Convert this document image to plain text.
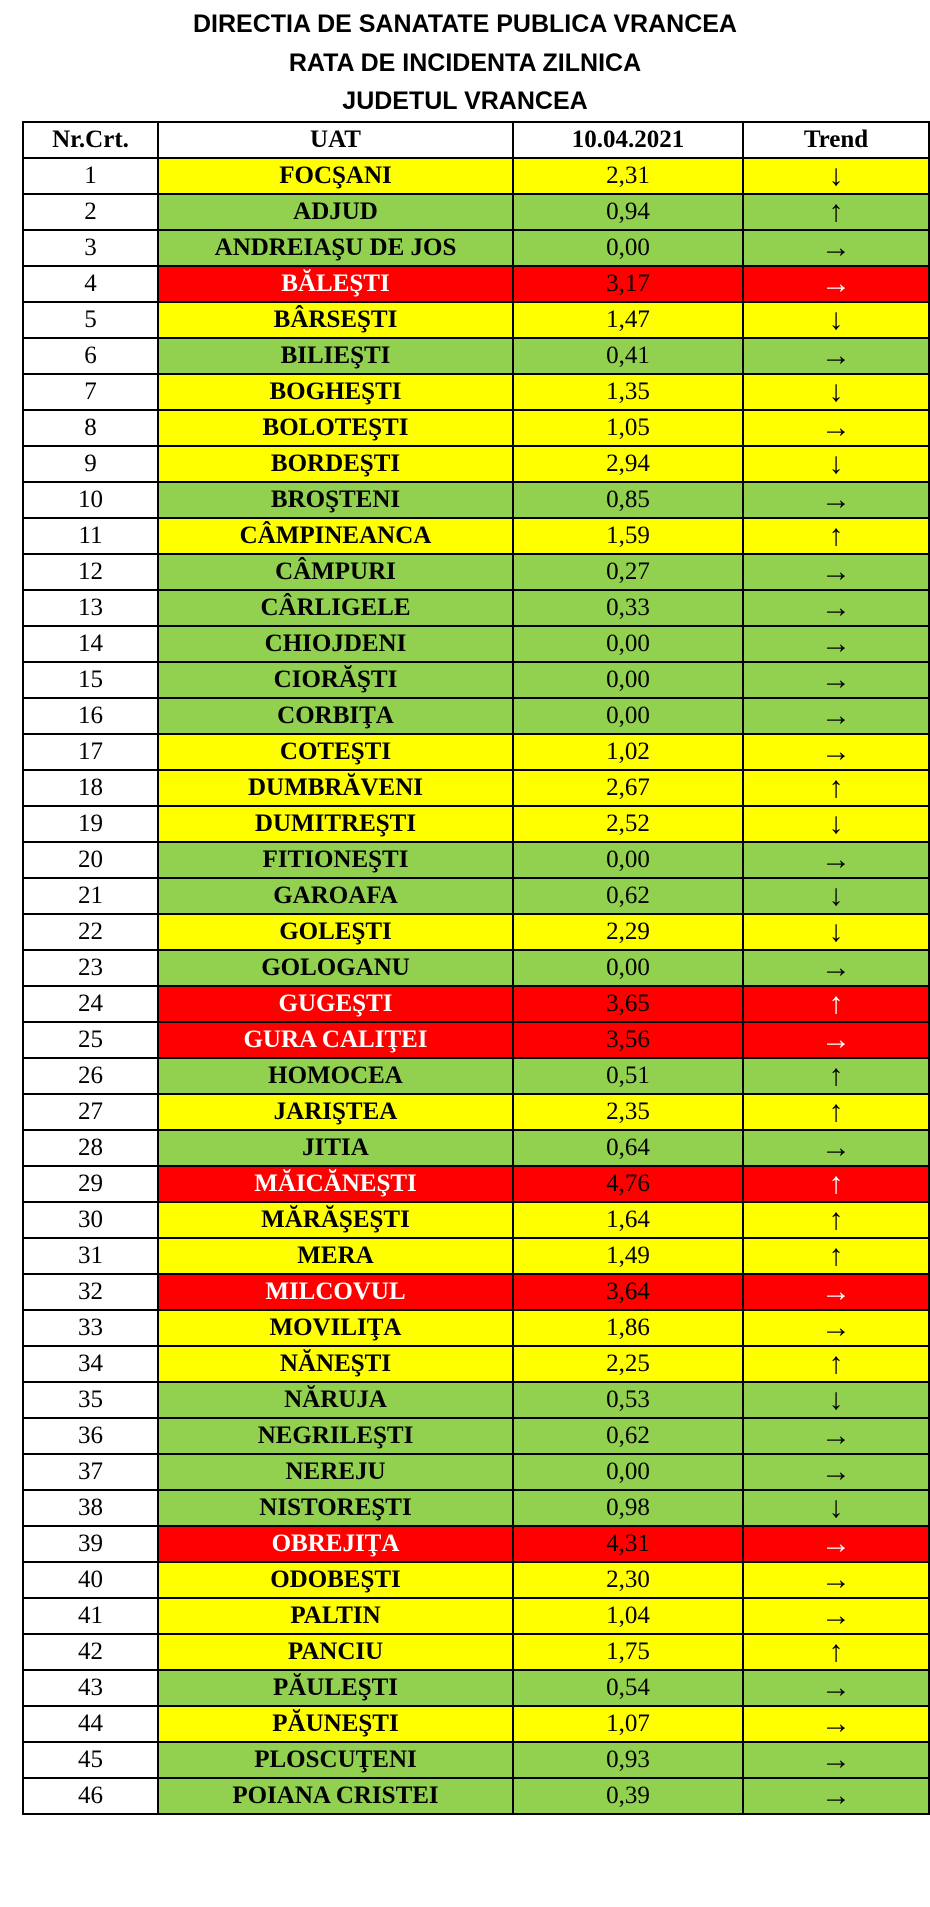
DIRECTIA DE SANATATE PUBLICA VRANCEA
RATA DE INCIDENTA ZILNICA
JUDETUL VRANCEA
Nr.Crt.	UAT	10.04.2021	Trend
1	FOCŞANI	2,31	↓
2	ADJUD	0,94	↑
3	ANDREIAŞU DE JOS	0,00	→
4	BĂLEŞTI	3,17	→
5	BÂRSEŞTI	1,47	↓
6	BILIEŞTI	0,41	→
7	BOGHEŞTI	1,35	↓
8	BOLOTEŞTI	1,05	→
9	BORDEŞTI	2,94	↓
10	BROŞTENI	0,85	→
11	CÂMPINEANCA	1,59	↑
12	CÂMPURI	0,27	→
13	CÂRLIGELE	0,33	→
14	CHIOJDENI	0,00	→
15	CIORĂŞTI	0,00	→
16	CORBIŢA	0,00	→
17	COTEŞTI	1,02	→
18	DUMBRĂVENI	2,67	↑
19	DUMITREŞTI	2,52	↓
20	FITIONEŞTI	0,00	→
21	GAROAFA	0,62	↓
22	GOLEŞTI	2,29	↓
23	GOLOGANU	0,00	→
24	GUGEŞTI	3,65	↑
25	GURA CALIŢEI	3,56	→
26	HOMOCEA	0,51	↑
27	JARIŞTEA	2,35	↑
28	JITIA	0,64	→
29	MĂICĂNEŞTI	4,76	↑
30	MĂRĂŞEŞTI	1,64	↑
31	MERA	1,49	↑
32	MILCOVUL	3,64	→
33	MOVILIŢA	1,86	→
34	NĂNEŞTI	2,25	↑
35	NĂRUJA	0,53	↓
36	NEGRILEŞTI	0,62	→
37	NEREJU	0,00	→
38	NISTOREŞTI	0,98	↓
39	OBREJIŢA	4,31	→
40	ODOBEŞTI	2,30	→
41	PALTIN	1,04	→
42	PANCIU	1,75	↑
43	PĂULEŞTI	0,54	→
44	PĂUNEŞTI	1,07	→
45	PLOSCUŢENI	0,93	→
46	POIANA CRISTEI	0,39	→
